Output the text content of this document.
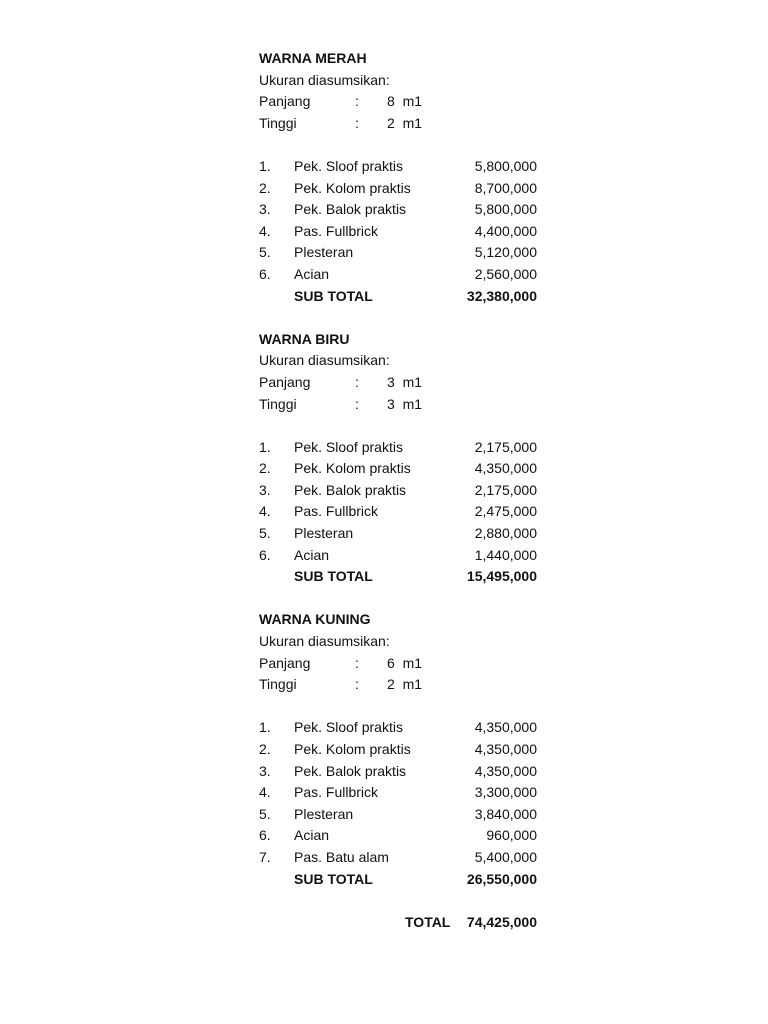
WARNA MERAH
Ukuran diasumsikan:
Panjang	: 8  m1
Tinggi	: 2  m1
1. Pek. Sloof praktis	5,800,000
2. Pek. Kolom praktis	8,700,000
3. Pek. Balok praktis	5,800,000
4. Pas. Fullbrick	4,400,000
5. Plesteran	5,120,000
6. Acian	2,560,000
SUB TOTAL	32,380,000
WARNA BIRU
Ukuran diasumsikan:
Panjang	: 3  m1
Tinggi	: 3  m1
1. Pek. Sloof praktis	2,175,000
2. Pek. Kolom praktis	4,350,000
3. Pek. Balok praktis	2,175,000
4. Pas. Fullbrick	2,475,000
5. Plesteran	2,880,000
6. Acian	1,440,000
SUB TOTAL	15,495,000
WARNA KUNING
Ukuran diasumsikan:
Panjang	: 6  m1
Tinggi	: 2  m1
1. Pek. Sloof praktis	4,350,000
2. Pek. Kolom praktis	4,350,000
3. Pek. Balok praktis	4,350,000
4. Pas. Fullbrick	3,300,000
5. Plesteran	3,840,000
6. Acian	960,000
7. Pas. Batu alam	5,400,000
SUB TOTAL	26,550,000
TOTAL 74,425,000
